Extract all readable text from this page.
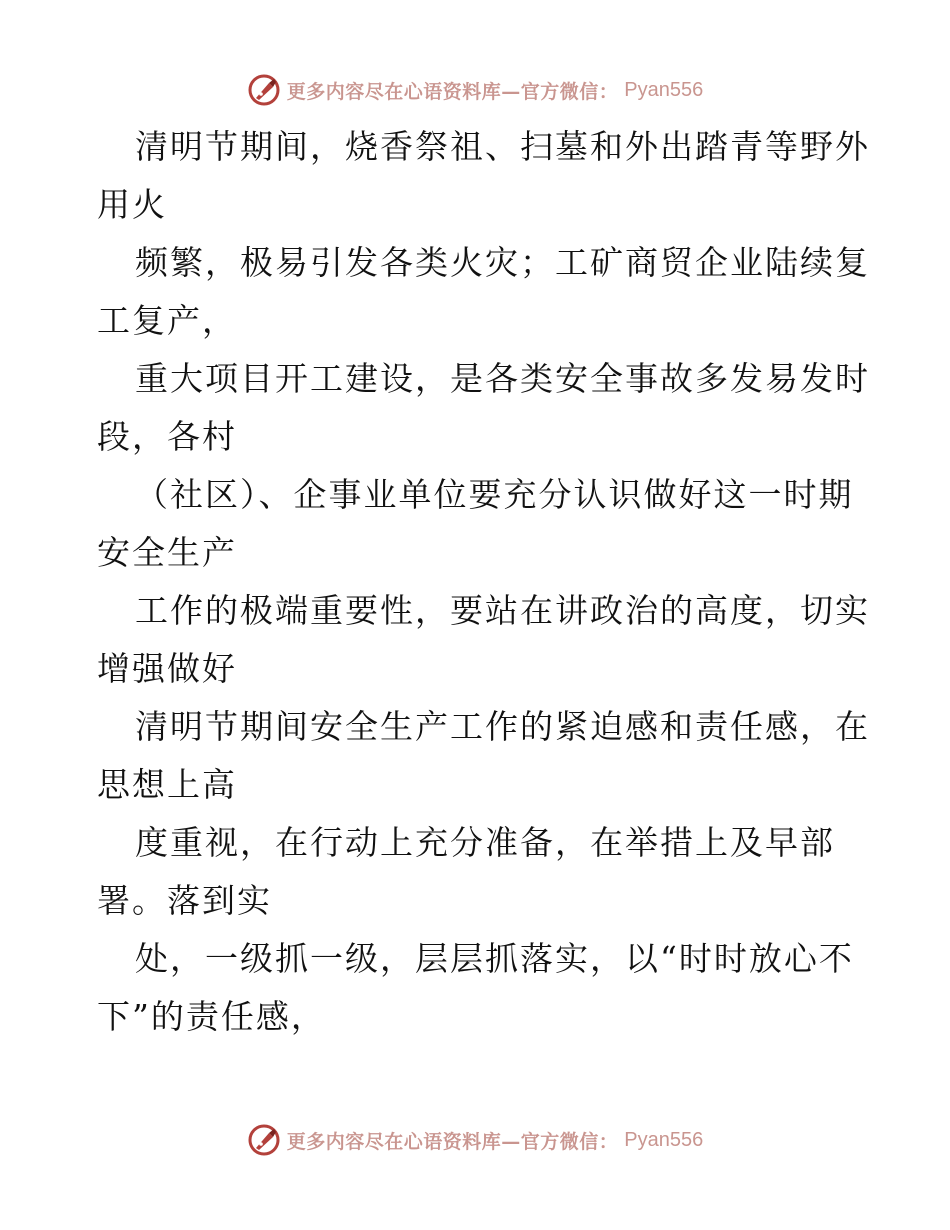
更多内容尽在心语资料库—官方微信： Pyan556
清明节期间，烧香祭祖、扫墓和外出踏青等野外
用火
频繁，极易引发各类火灾；工矿商贸企业陆续复
工复产，
重大项目开工建设，是各类安全事故多发易发时
段，各村
（社区）、企事业单位要充分认识做好这一时期
安全生产
工作的极端重要性，要站在讲政治的高度，切实
增强做好
清明节期间安全生产工作的紧迫感和责任感，在
思想上高
度重视，在行动上充分准备，在举措上及早部
署。落到实
处，一级抓一级，层层抓落实，以“时时放心不
下”的责任感，
更多内容尽在心语资料库—官方微信： Pyan556
